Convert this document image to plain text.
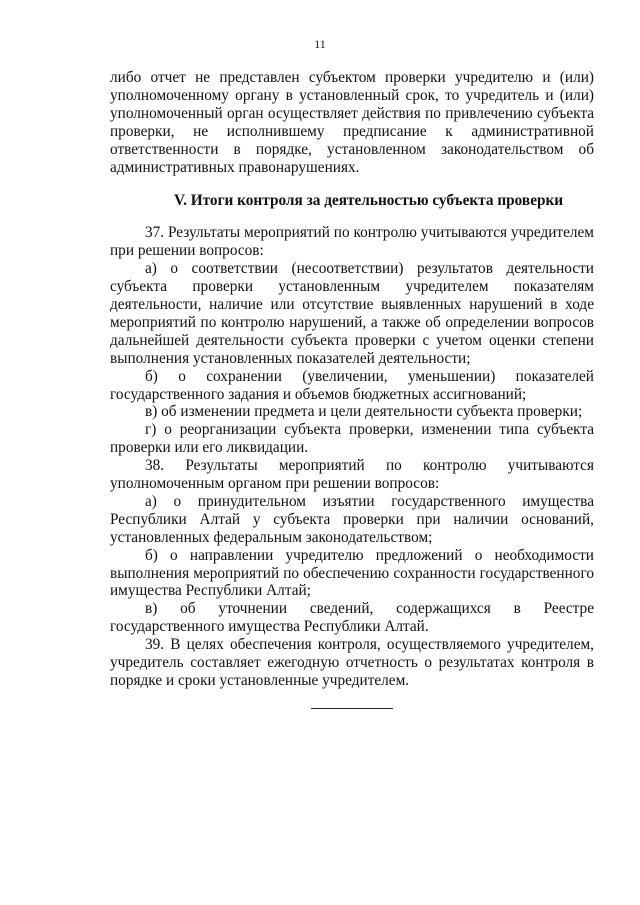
11

либо отчет не представлен субъектом проверки учредителю и (или) уполномоченному органу в установленный срок, то учредитель и (или) уполномоченный орган осуществляет действия по привлечению субъекта проверки, не исполнившему предписание к административной ответственности в порядке, установленном законодательством об административных правонарушениях.

V. Итоги контроля за деятельностью субъекта проверки

37. Результаты мероприятий по контролю учитываются учредителем при решении вопросов:

а) о соответствии (несоответствии) результатов деятельности субъекта проверки установленным учредителем показателям деятельности, наличие или отсутствие выявленных нарушений в ходе мероприятий по контролю нарушений, а также об определении вопросов дальнейшей деятельности субъекта проверки с учетом оценки степени выполнения установленных показателей деятельности;

б) о сохранении (увеличении, уменьшении) показателей государственного задания и объемов бюджетных ассигнований;

в) об изменении предмета и цели деятельности субъекта проверки;

г) о реорганизации субъекта проверки, изменении типа субъекта проверки или его ликвидации.

38. Результаты мероприятий по контролю учитываются уполномоченным органом при решении вопросов:

а) о принудительном изъятии государственного имущества Республики Алтай у субъекта проверки при наличии оснований, установленных федеральным законодательством;

б) о направлении учредителю предложений о необходимости выполнения мероприятий по обеспечению сохранности государственного имущества Республики Алтай;

в) об уточнении сведений, содержащихся в Реестре государственного имущества Республики Алтай.

39. В целях обеспечения контроля, осуществляемого учредителем, учредитель составляет ежегодную отчетность о результатах контроля в порядке и сроки установленные учредителем.
